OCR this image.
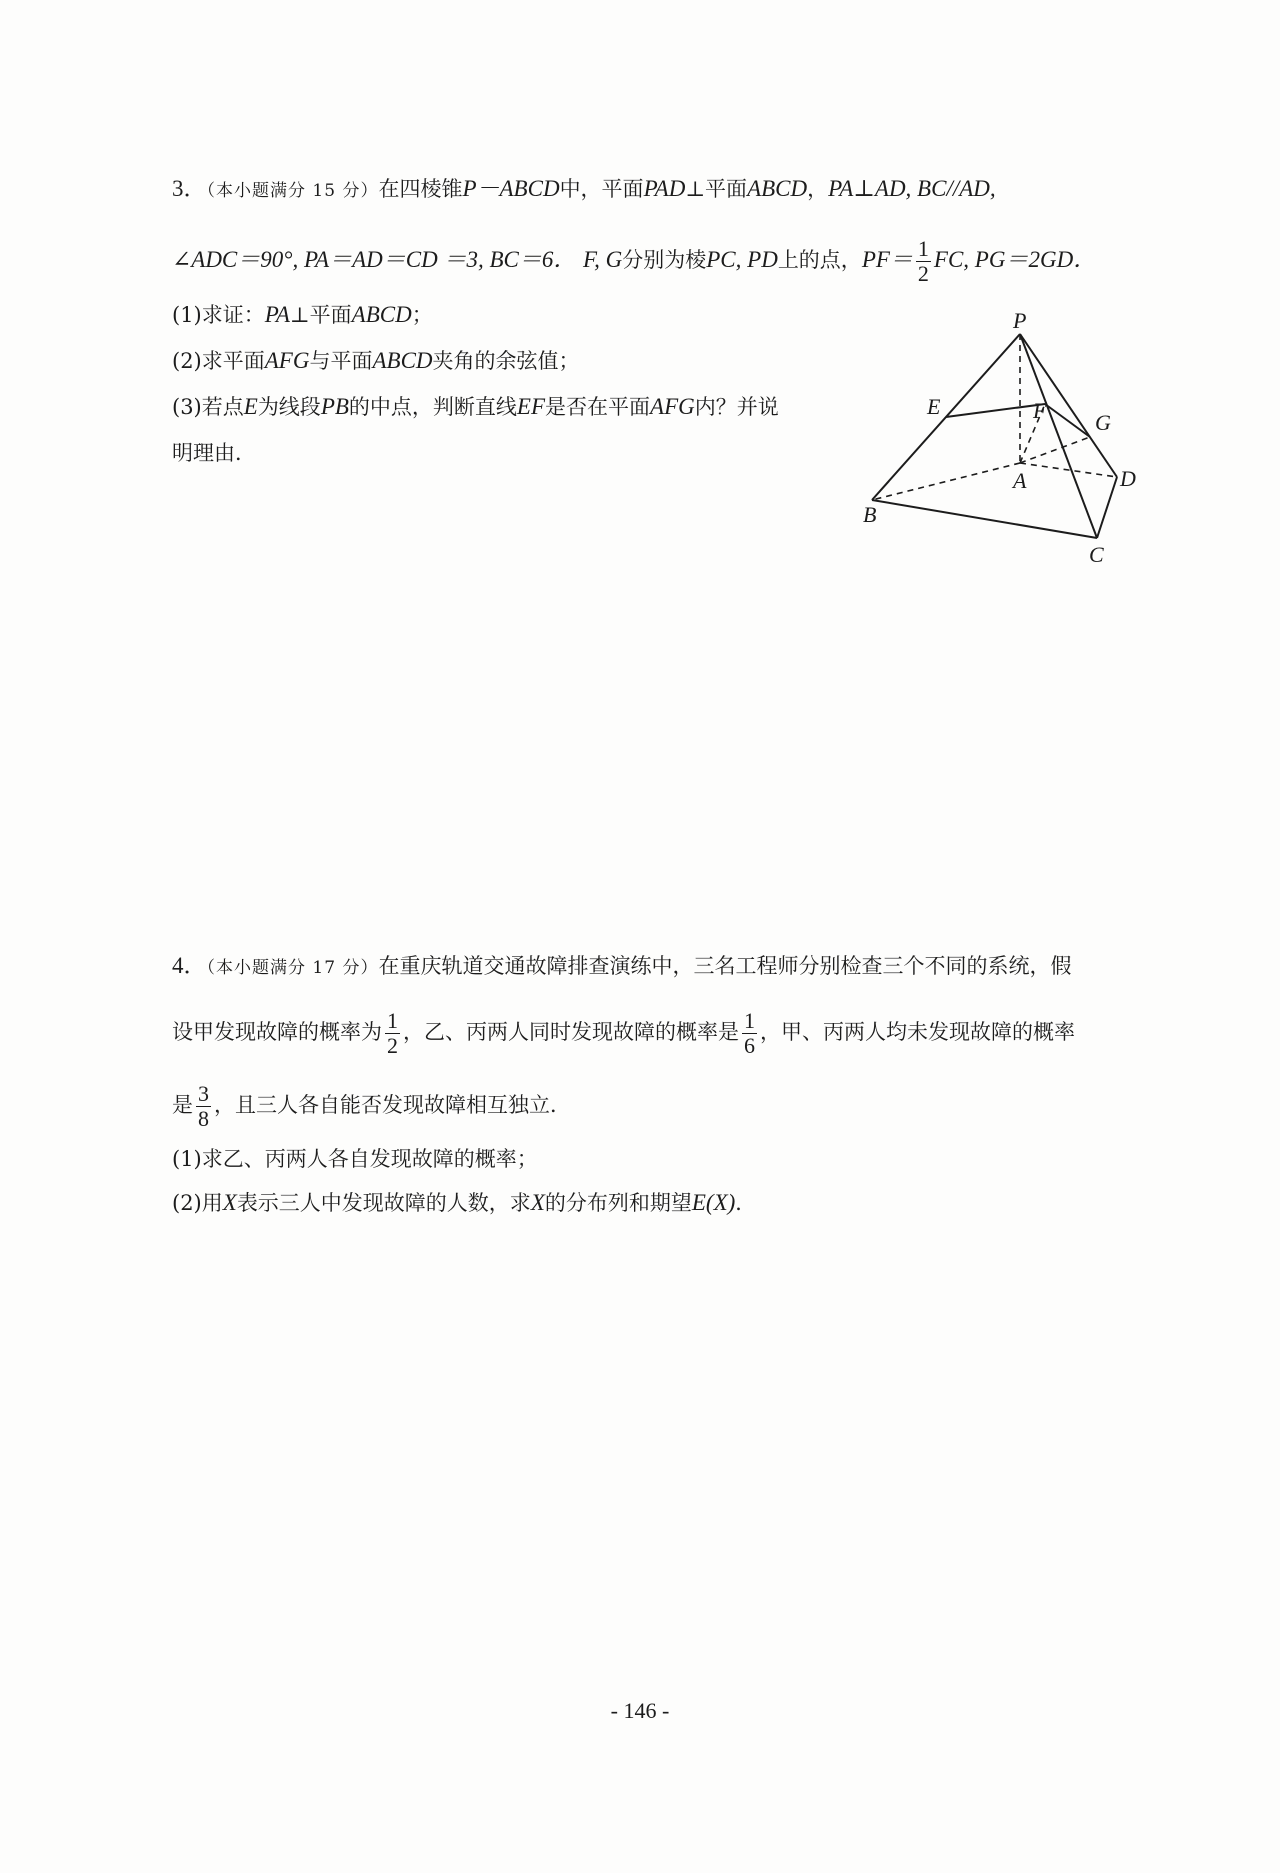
3．（本小题满分 15 分）在四棱锥P－ABCD中，平面PAD⊥平面ABCD，PA⊥AD, BC//AD,
∠ADC＝90°, PA＝AD＝CD ＝3, BC＝6． F, G分别为棱PC, PD上的点，$PF= \frac{1}{2}$ FC, PG＝2GD．
(1)求证：PA⊥平面ABCD；
(2)求平面AFG与平面ABCD夹角的余弦值；
(3)若点E为线段PB的中点，判断直线EF是否在平面AFG内？并说
明理由．
P
E	F G
A	D
B
C
4．（本小题满分 17 分）在重庆轨道交通故障排查演练中，三名工程师分别检查三个不同的系统，假
设甲发现故障的概率为 $\frac{1}{2}$ ，乙、丙两人同时发现故障的概率是 $\frac{1}{6}$ ，甲、丙两人均未发现故障的概率
是 $\frac{3}{8}$ ，且三人各自能否发现故障相互独立．
(1)求乙、丙两人各自发现故障的概率；
(2)用X表示三人中发现故障的人数，求X的分布列和期望E(X)．
- 146 -
